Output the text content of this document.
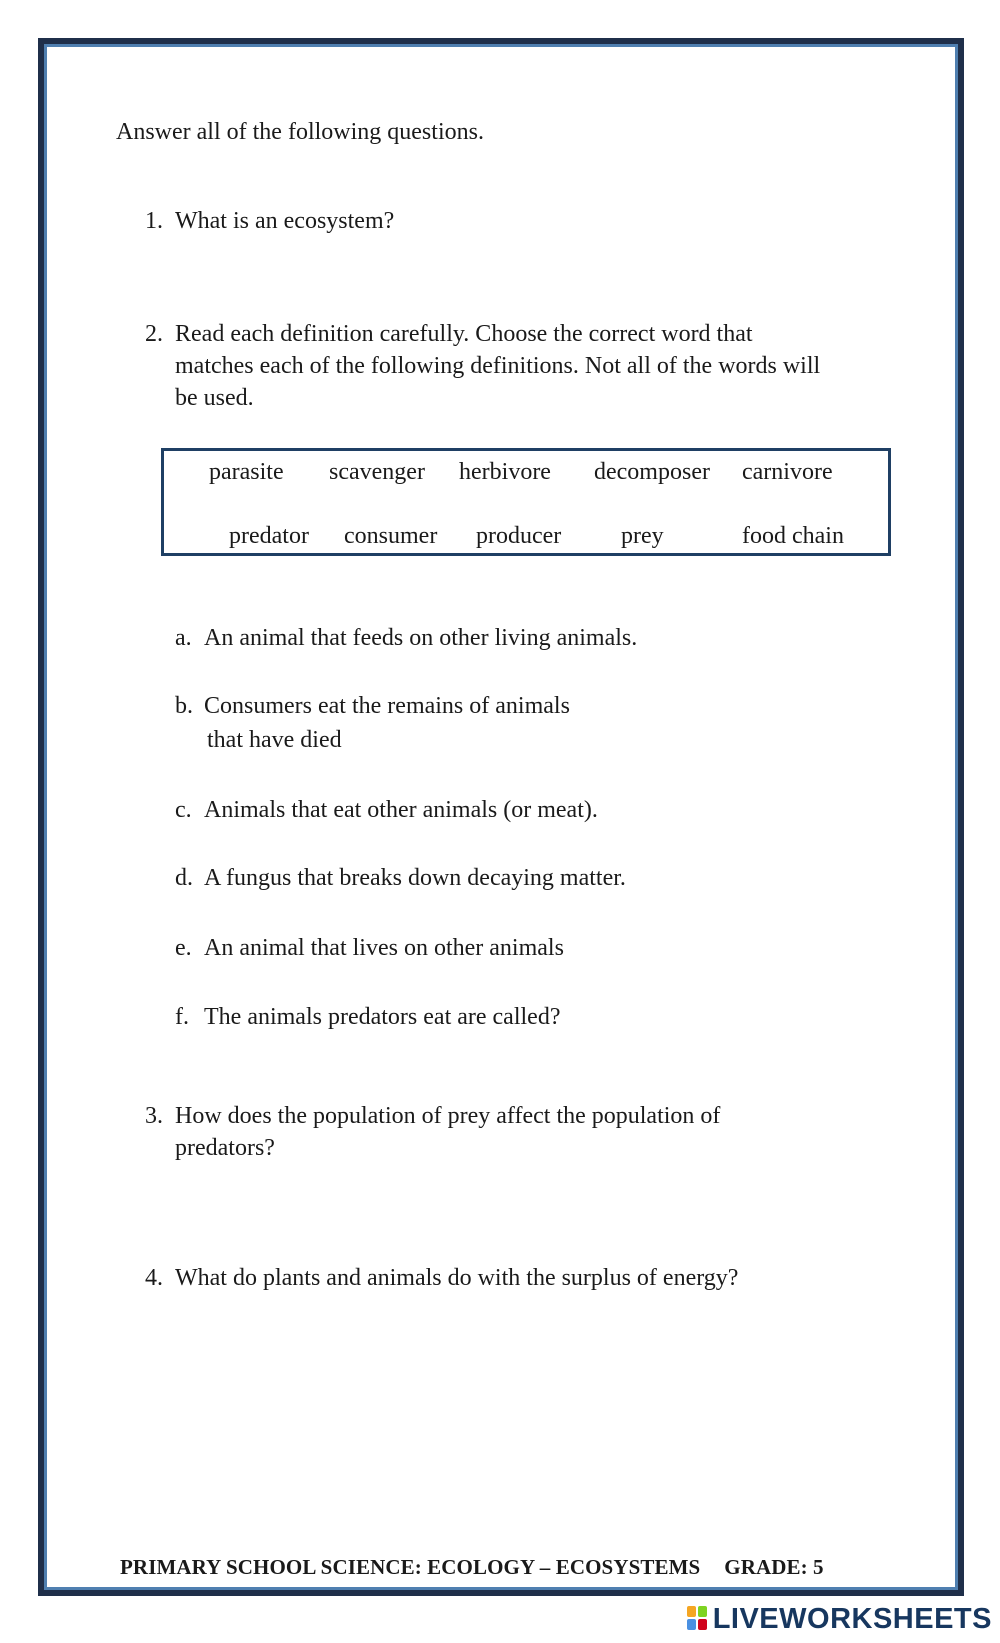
Answer all of the following questions.
1. What is an ecosystem?
2. Read each definition carefully. Choose the correct word that
matches each of the following definitions. Not all of the words will
be used.
parasite scavenger herbivore decomposer carnivore
predator consumer producer prey	food chain
a. An animal that feeds on other living animals.
b. Consumers eat the remains of animals
that have died
c. Animals that eat other animals (or meat).
d. A fungus that breaks down decaying matter.
e. An animal that lives on other animals
f. The animals predators eat are called?
3. How does the population of prey affect the population of
predators?
4. What do plants and animals do with the surplus of energy?
PRIMARY SCHOOL SCIENCE: ECOLOGY – ECOSYSTEMS GRADE: 5
LIVEWORKSHEETS
